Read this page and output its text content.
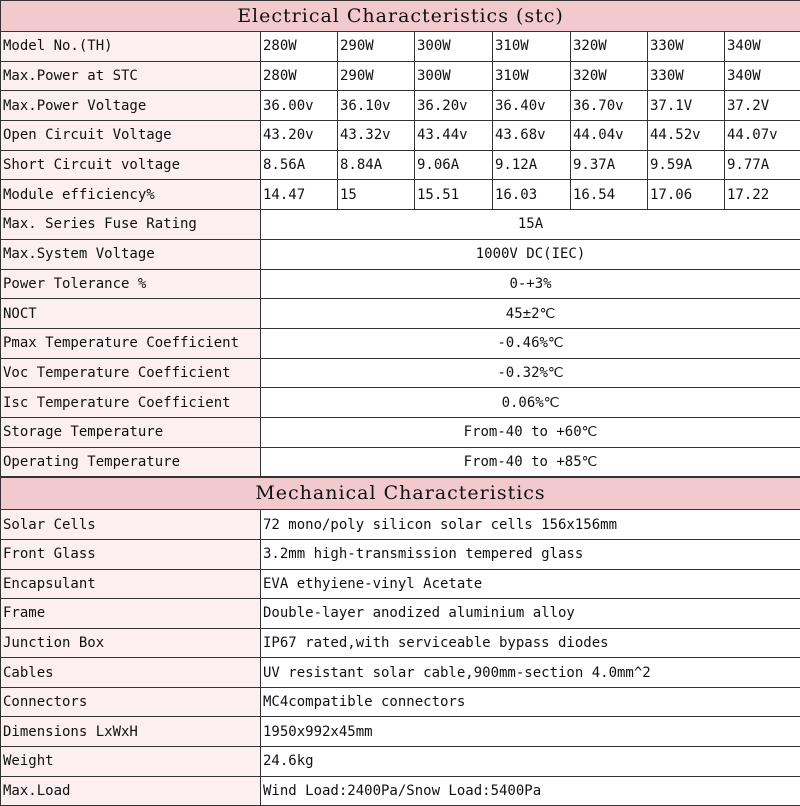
Electrical Characteristics (stc)							
Model No.(TH)	280W	290W	300W	310W	320W	330W	340W
Max.Power at STC	280W	290W	300W	310W	320W	330W	340W
Max.Power Voltage	36.00v	36.10v	36.20v	36.40v	36.70v	37.1V	37.2V
Open Circuit Voltage	43.20v	43.32v	43.44v	43.68v	44.04v	44.52v	44.07v
Short Circuit voltage	8.56A	8.84A	9.06A	9.12A	9.37A	9.59A	9.77A
Module efficiency%	14.47	15	15.51	16.03	16.54	17.06	17.22
Max. Series Fuse Rating	15A						
Max.System Voltage	1000V DC(IEC)						
Power Tolerance %	0-+3%						
NOCT	45±2℃						
Pmax Temperature Coefficient	-0.46%℃						
Voc Temperature Coefficient	-0.32%℃						
Isc Temperature Coefficient	0.06%℃						
Storage Temperature	From-40 to +60℃						
Operating Temperature	From-40 to +85℃						
Mechanical Characteristics	
Solar Cells	72 mono/poly silicon solar cells 156x156mm
Front Glass	3.2mm high-transmission tempered glass
Encapsulant	EVA ethyiene-vinyl Acetate
Frame	Double-layer anodized aluminium alloy
Junction Box	IP67 rated,with serviceable bypass diodes
Cables	UV resistant solar cable,900mm-section 4.0mm^2
Connectors	MC4compatible connectors
Dimensions LxWxH	1950x992x45mm
Weight	24.6kg
Max.Load	Wind Load:2400Pa/Snow Load:5400Pa
